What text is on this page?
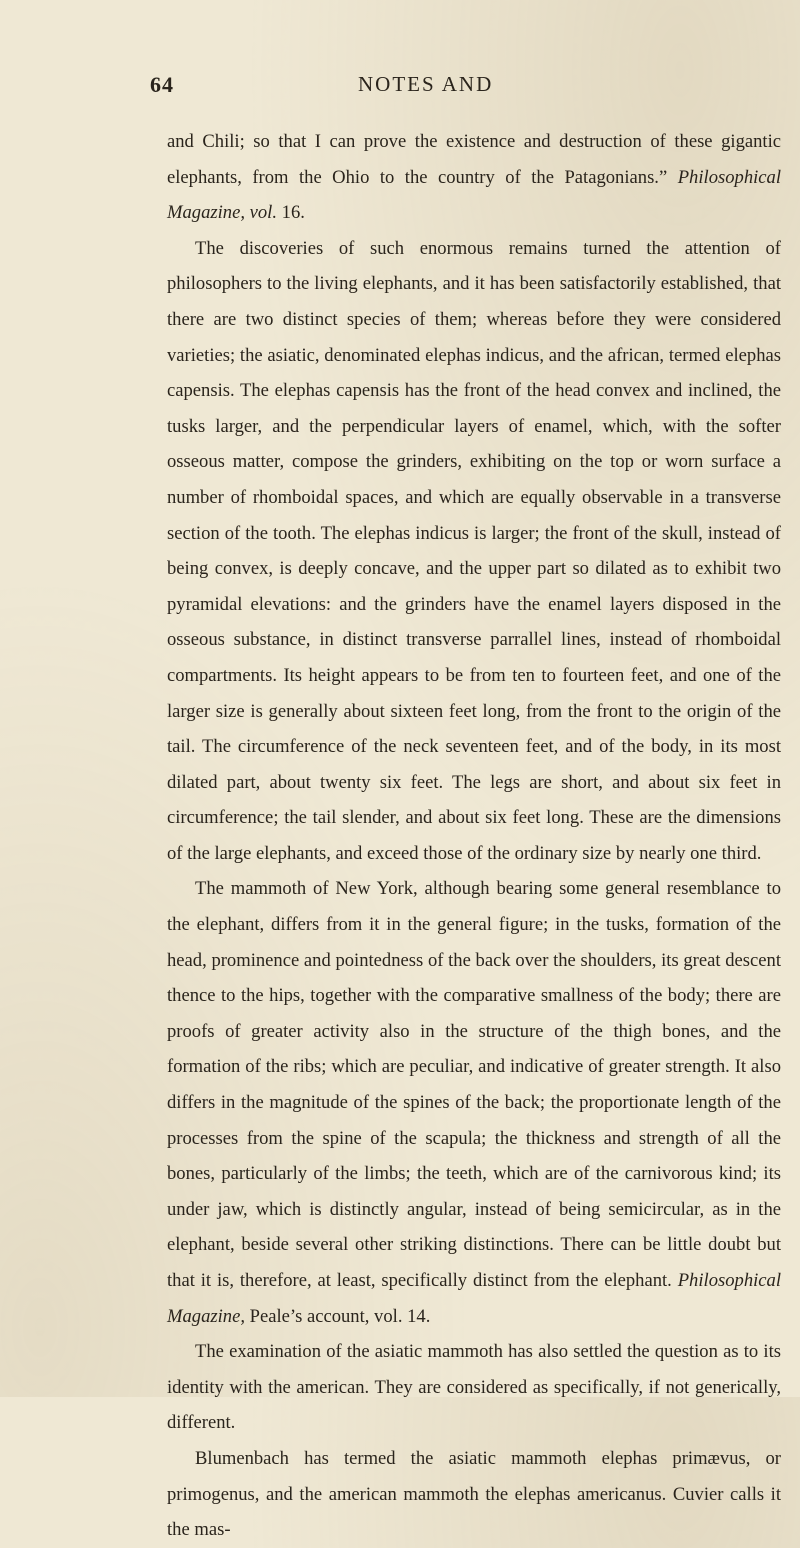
64	NOTES AND

and Chili; so that I can prove the existence and destruction of these gigantic elephants, from the Ohio to the country of the Patagonians.” Philosophical Magazine, vol. 16.

The discoveries of such enormous remains turned the attention of philosophers to the living elephants, and it has been satisfactorily established, that there are two distinct species of them; whereas before they were considered varieties; the asiatic, denominated elephas indicus, and the african, termed elephas capensis. The elephas capensis has the front of the head convex and inclined, the tusks larger, and the perpendicular layers of enamel, which, with the softer osseous matter, compose the grinders, exhibiting on the top or worn surface a number of rhomboidal spaces, and which are equally observable in a transverse section of the tooth. The elephas indicus is larger; the front of the skull, instead of being convex, is deeply concave, and the upper part so dilated as to exhibit two pyramidal elevations: and the grinders have the enamel layers disposed in the osseous substance, in distinct transverse parrallel lines, instead of rhomboidal compartments. Its height appears to be from ten to fourteen feet, and one of the larger size is generally about sixteen feet long, from the front to the origin of the tail. The circumference of the neck seventeen feet, and of the body, in its most dilated part, about twenty six feet. The legs are short, and about six feet in circumference; the tail slender, and about six feet long. These are the dimensions of the large elephants, and exceed those of the ordinary size by nearly one third.

The mammoth of New York, although bearing some general resemblance to the elephant, differs from it in the general figure; in the tusks, formation of the head, prominence and pointedness of the back over the shoulders, its great descent thence to the hips, together with the comparative smallness of the body; there are proofs of greater activity also in the structure of the thigh bones, and the formation of the ribs; which are peculiar, and indicative of greater strength. It also differs in the magnitude of the spines of the back; the proportionate length of the processes from the spine of the scapula; the thickness and strength of all the bones, particularly of the limbs; the teeth, which are of the carnivorous kind; its under jaw, which is distinctly angular, instead of being semicircular, as in the elephant, beside several other striking distinctions. There can be little doubt but that it is, therefore, at least, specifically distinct from the elephant. Philosophical Magazine, Peale’s account, vol. 14.

The examination of the asiatic mammoth has also settled the question as to its identity with the american. They are considered as specifically, if not generically, different.

Blumenbach has termed the asiatic mammoth elephas primævus, or primogenus, and the american mammoth the elephas americanus. Cuvier calls it the mas-
